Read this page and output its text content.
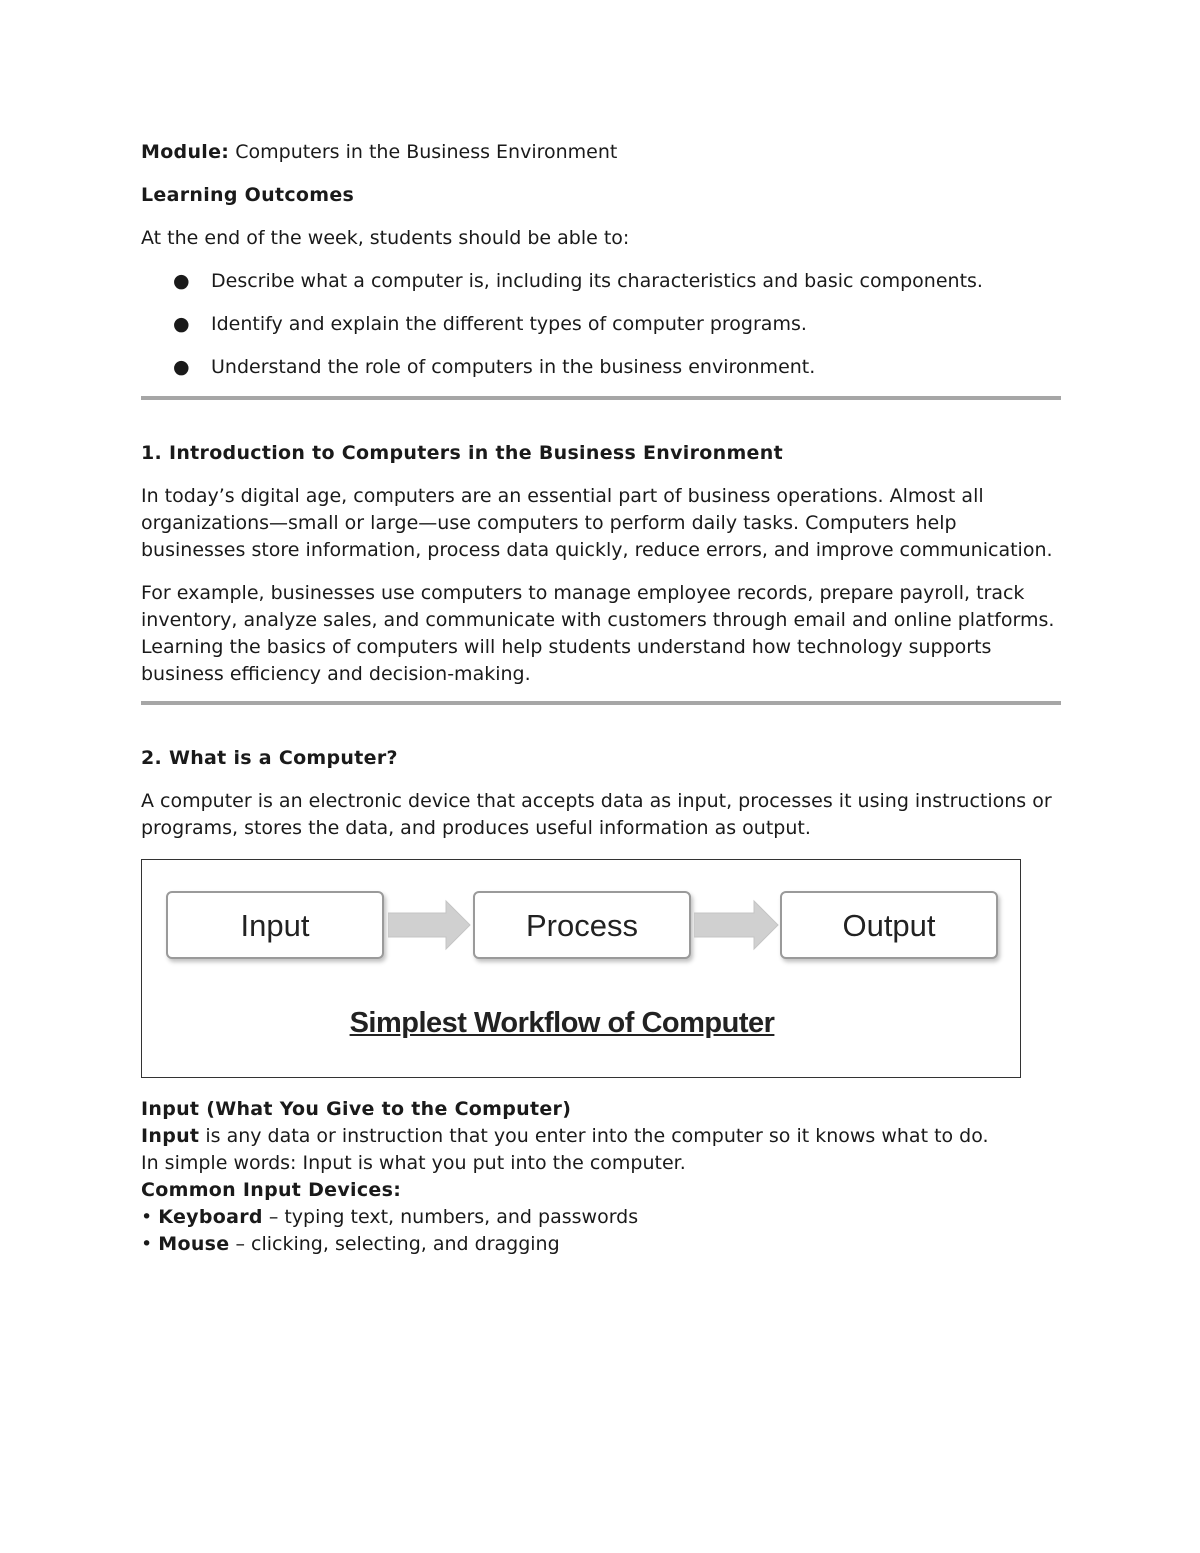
Module: Computers in the Business Environment

Learning Outcomes

At the end of the week, students should be able to:

● Describe what a computer is, including its characteristics and basic components.
● Identify and explain the different types of computer programs.
● Understand the role of computers in the business environment.

1. Introduction to Computers in the Business Environment

In today’s digital age, computers are an essential part of business operations. Almost all organizations—small or large—use computers to perform daily tasks. Computers help businesses store information, process data quickly, reduce errors, and improve communication.

For example, businesses use computers to manage employee records, prepare payroll, track inventory, analyze sales, and communicate with customers through email and online platforms. Learning the basics of computers will help students understand how technology supports business efficiency and decision-making.

2. What is a Computer?

A computer is an electronic device that accepts data as input, processes it using instructions or programs, stores the data, and produces useful information as output.

Input	Process	Output
Simplest Workflow of Computer

Input (What You Give to the Computer)

Input is any data or instruction that you enter into the computer so it knows what to do.

In simple words: Input is what you put into the computer.

Common Input Devices:

• Keyboard – typing text, numbers, and passwords

• Mouse – clicking, selecting, and dragging
